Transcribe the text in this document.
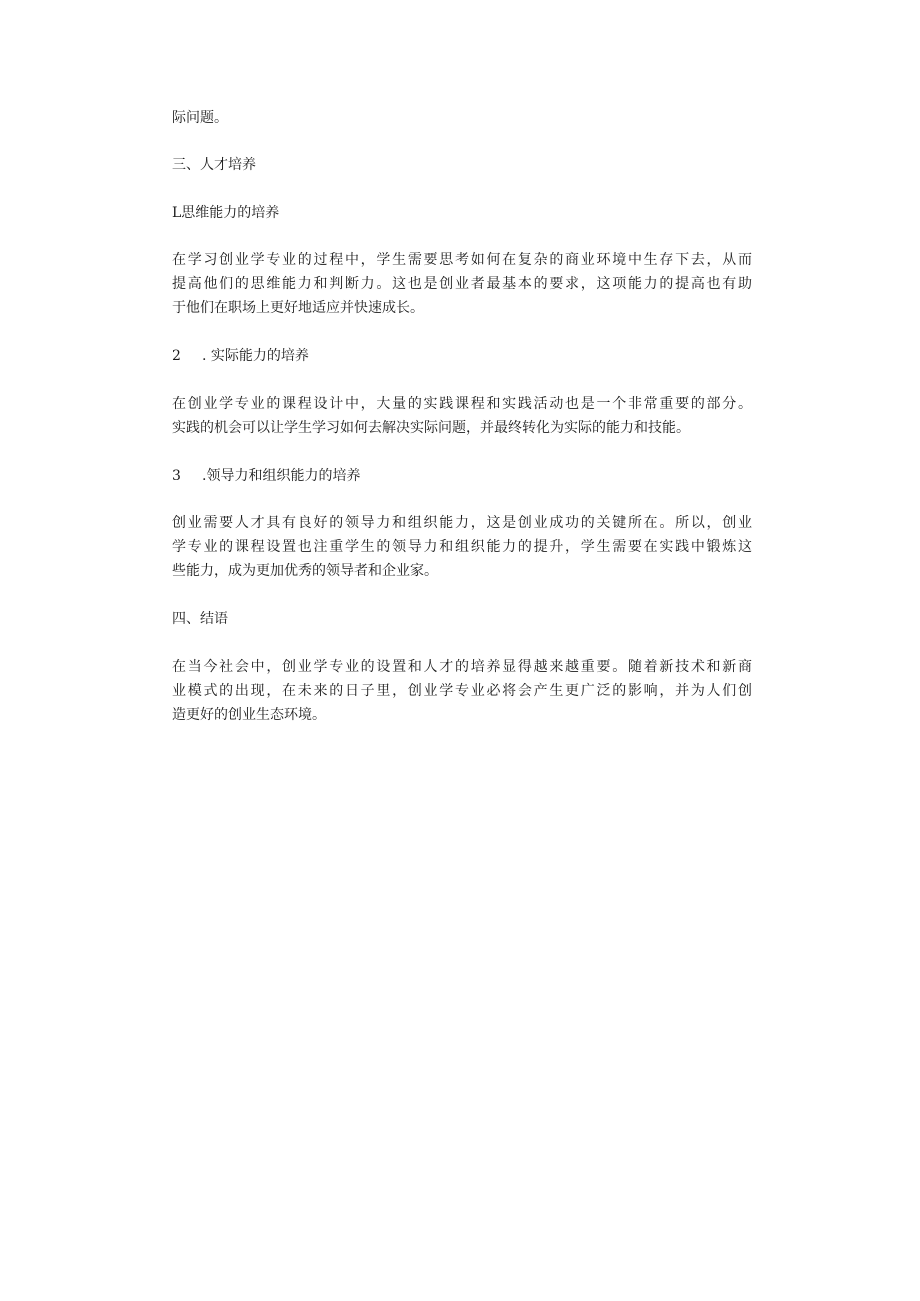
际问题。

三、人才培养

L思维能力的培养

在学习创业学专业的过程中，学生需要思考如何在复杂的商业环境中生存下去，从而
提高他们的思维能力和判断力。这也是创业者最基本的要求，这项能力的提高也有助
于他们在职场上更好地适应并快速成长。

2 . 实际能力的培养

在创业学专业的课程设计中，大量的实践课程和实践活动也是一个非常重要的部分。
实践的机会可以让学生学习如何去解决实际问题，并最终转化为实际的能力和技能。

3 .领导力和组织能力的培养

创业需要人才具有良好的领导力和组织能力，这是创业成功的关键所在。所以，创业
学专业的课程设置也注重学生的领导力和组织能力的提升，学生需要在实践中锻炼这
些能力，成为更加优秀的领导者和企业家。

四、结语

在当今社会中，创业学专业的设置和人才的培养显得越来越重要。随着新技术和新商
业模式的出现，在未来的日子里，创业学专业必将会产生更广泛的影响，并为人们创
造更好的创业生态环境。
